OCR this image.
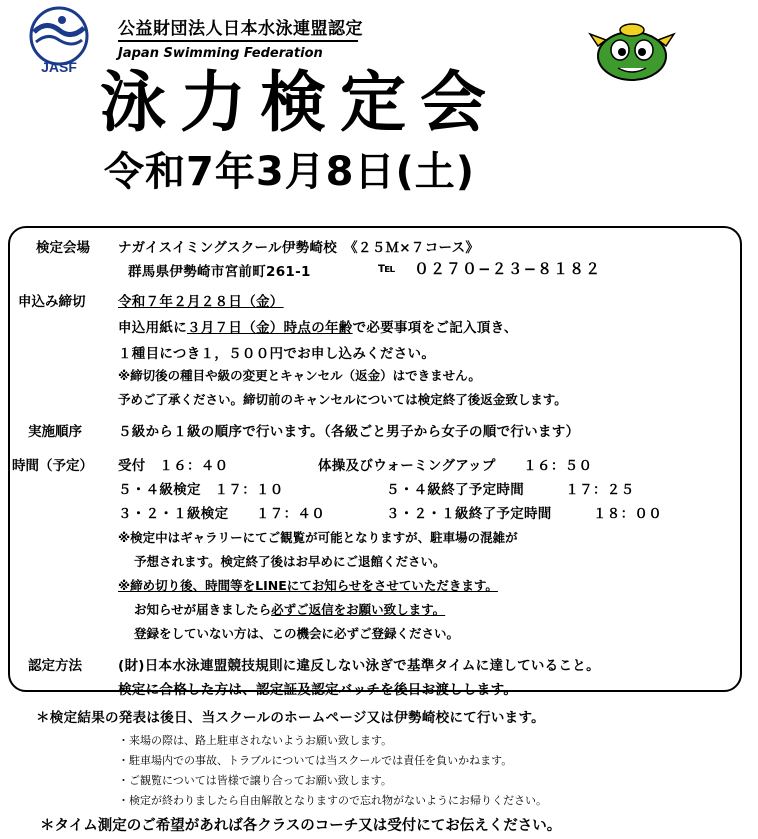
JASF
公益財団法人日本水泳連盟認定
Japan Swimming Federation
泳力検定会
令和7年3月8日(土)
検定会場 ナガイスイミングスクール伊勢崎校　《２５Ｍ×７コース》
群馬県伊勢崎市宮前町261-1	℡ ０２７０−２３−８１８２
申込み締切 令和７年２月２８日（金）
申込用紙に３月７日（金）時点の年齢で必要事項をご記入頂き、
１種目につき１，５００円でお申し込みください。
※締切後の種目や級の変更とキャンセル（返金）はできません。
予めご了承ください。締切前のキャンセルについては検定終了後返金致します。
実施順序	５級から１級の順序で行います。（各級ごと男子から女子の順で行います）
時間（予定） 受付　１６：４０	体操及びウォーミングアップ　　１６：５０
５・４級検定　１７：１０	５・４級終了予定時間　　　１７：２５
３・２・１級検定　　１７：４０	３・２・１級終了予定時間　　　１８：００
※検定中はギャラリーにてご観覧が可能となりますが、駐車場の混雑が
予想されます。検定終了後はお早めにご退館ください。
※締め切り後、時間等をLINEにてお知らせをさせていただきます。
お知らせが届きましたら必ずご返信をお願い致します。
登録をしていない方は、この機会に必ずご登録ください。
認定方法	(財)日本水泳連盟競技規則に違反しない泳ぎで基準タイムに達していること。
検定に合格した方は、認定証及認定バッチを後日お渡しします。
＊検定結果の発表は後日、当スクールのホームページ又は伊勢崎校にて行います。
・来場の際は、路上駐車されないようお願い致します。
・駐車場内での事故、トラブルについては当スクールでは責任を負いかねます。
・ご観覧については皆様で譲り合ってお願い致します。
・検定が終わりましたら自由解散となりますので忘れ物がないようにお帰りください。
＊タイム測定のご希望があれば各クラスのコーチ又は受付にてお伝えください。
